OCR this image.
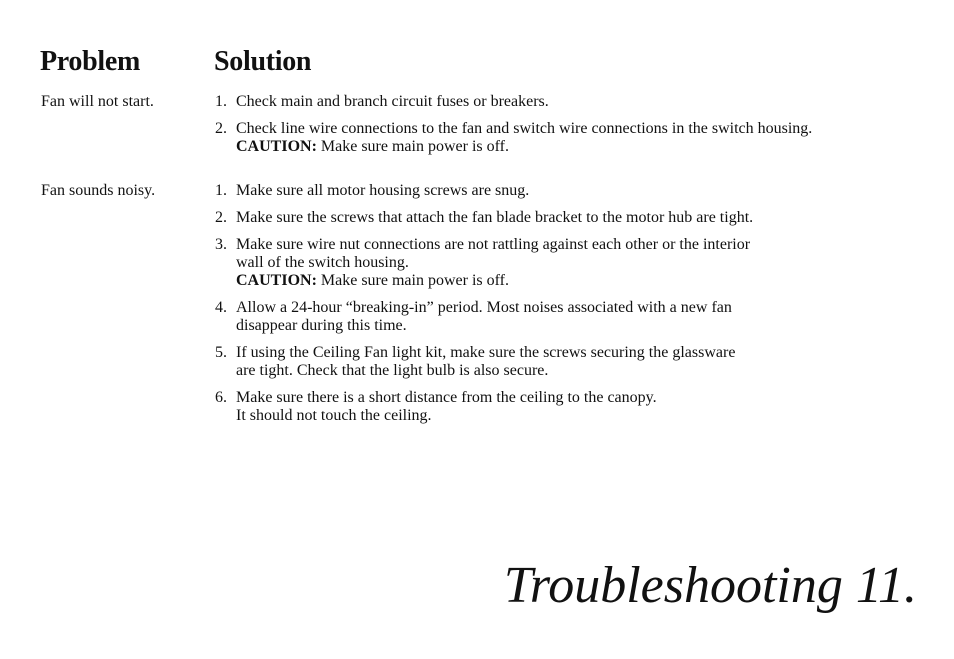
Problem	Solution
Fan will not start.	1. Check main and branch circuit fuses or breakers.
2. Check line wire connections to the fan and switch wire connections in the switch housing.
CAUTION: Make sure main power is off.
Fan sounds noisy.	1. Make sure all motor housing screws are snug.
2. Make sure the screws that attach the fan blade bracket to the motor hub are tight.
3. Make sure wire nut connections are not rattling against each other or the interior
wall of the switch housing.
CAUTION: Make sure main power is off.
4. Allow a 24-hour “breaking-in” period. Most noises associated with a new fan
disappear during this time.
5. If using the Ceiling Fan light kit, make sure the screws securing the glassware
are tight. Check that the light bulb is also secure.
6. Make sure there is a short distance from the ceiling to the canopy.
It should not touch the ceiling.
Troubleshooting 11.
